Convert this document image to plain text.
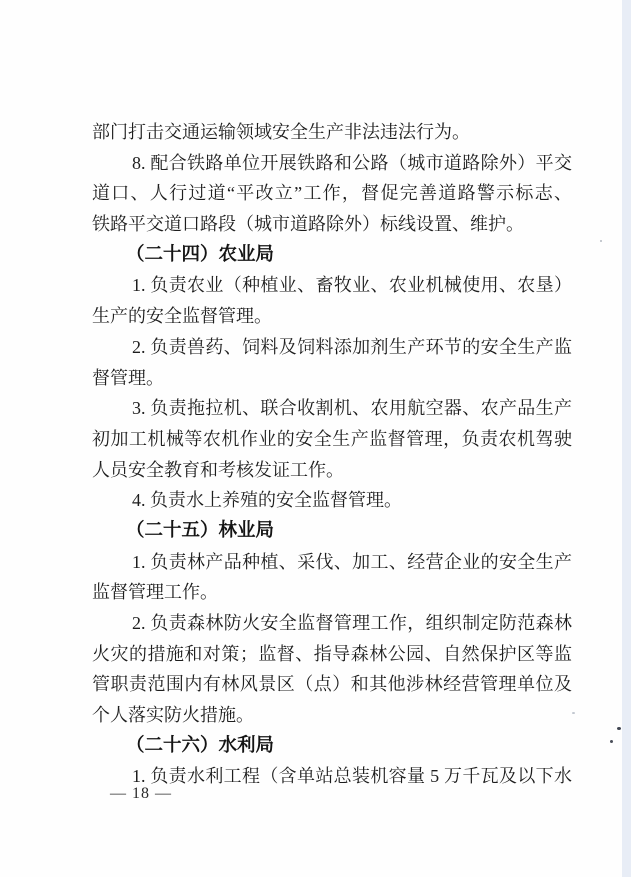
部门打击交通运输领域安全生产非法违法行为。
8. 配合铁路单位开展铁路和公路（城市道路除外）平交
道口、人行过道“平改立”工作，督促完善道路警示标志、
铁路平交道口路段（城市道路除外）标线设置、维护。
（二十四）农业局
1. 负责农业（种植业、畜牧业、农业机械使用、农垦）
生产的安全监督管理。
2. 负责兽药、饲料及饲料添加剂生产环节的安全生产监
督管理。
3. 负责拖拉机、联合收割机、农用航空器、农产品生产
初加工机械等农机作业的安全生产监督管理，负责农机驾驶
人员安全教育和考核发证工作。
4. 负责水上养殖的安全监督管理。
（二十五）林业局
1. 负责林产品种植、采伐、加工、经营企业的安全生产
监督管理工作。
2. 负责森林防火安全监督管理工作，组织制定防范森林
火灾的措施和对策；监督、指导森林公园、自然保护区等监
管职责范围内有林风景区（点）和其他涉林经营管理单位及
个人落实防火措施。
（二十六）水利局
1. 负责水利工程（含单站总装机容量 5 万千瓦及以下水
— 18 —
